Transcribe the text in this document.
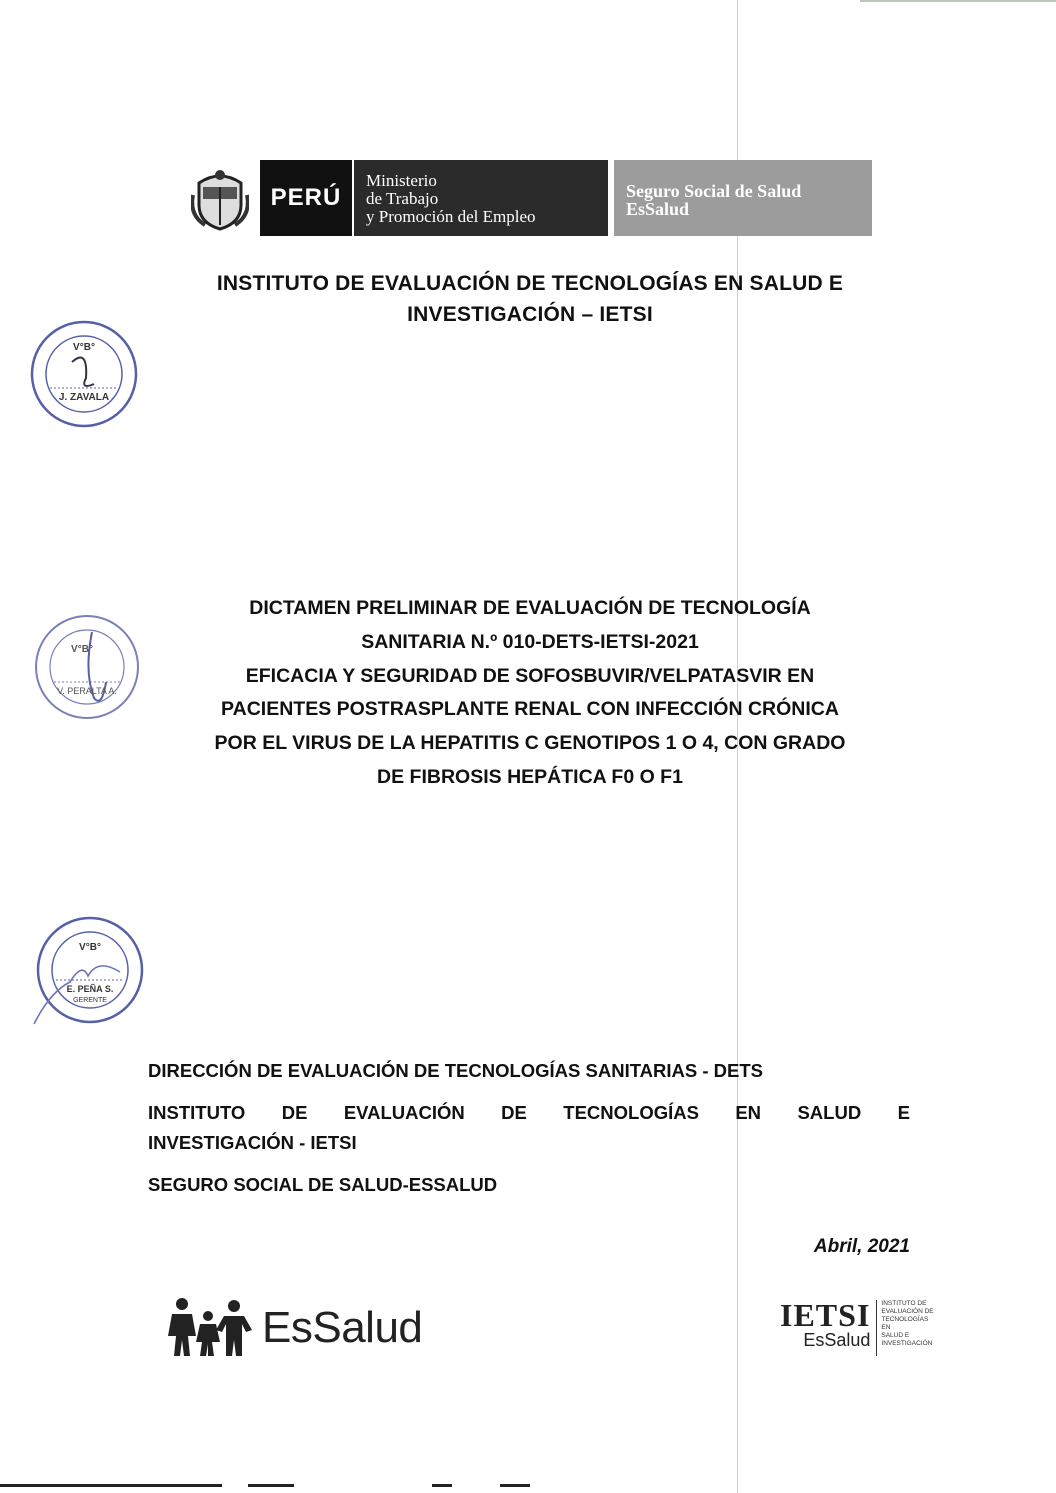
PERÚ
Ministerio
de Trabajo
y Promoción del Empleo
Seguro Social de Salud
EsSalud
INSTITUTO DE EVALUACIÓN DE TECNOLOGÍAS EN SALUD E
INVESTIGACIÓN – IETSI
V°B°
J. ZAVALA
DICTAMEN PRELIMINAR DE EVALUACIÓN DE TECNOLOGÍA
SANITARIA N.º 010-DETS-IETSI-2021
EFICACIA Y SEGURIDAD DE SOFOSBUVIR/VELPATASVIR EN
PACIENTES POSTRASPLANTE RENAL CON INFECCIÓN CRÓNICA
POR EL VIRUS DE LA HEPATITIS C GENOTIPOS 1 O 4, CON GRADO
DE FIBROSIS HEPÁTICA F0 O F1
V°B°
V. PERALTA A.
V°B°
E. PEÑA S.
GERENTE
DIRECCIÓN DE EVALUACIÓN DE TECNOLOGÍAS SANITARIAS - DETS
INSTITUTO DE EVALUACIÓN DE TECNOLOGÍAS EN SALUD E
INVESTIGACIÓN - IETSI
SEGURO SOCIAL DE SALUD-ESSALUD
Abril, 2021
EsSalud	IETSI
EsSalud
INSTITUTO DE
EVALUACIÓN DE
TECNOLOGÍAS EN
SALUD E
INVESTIGACIÓN
